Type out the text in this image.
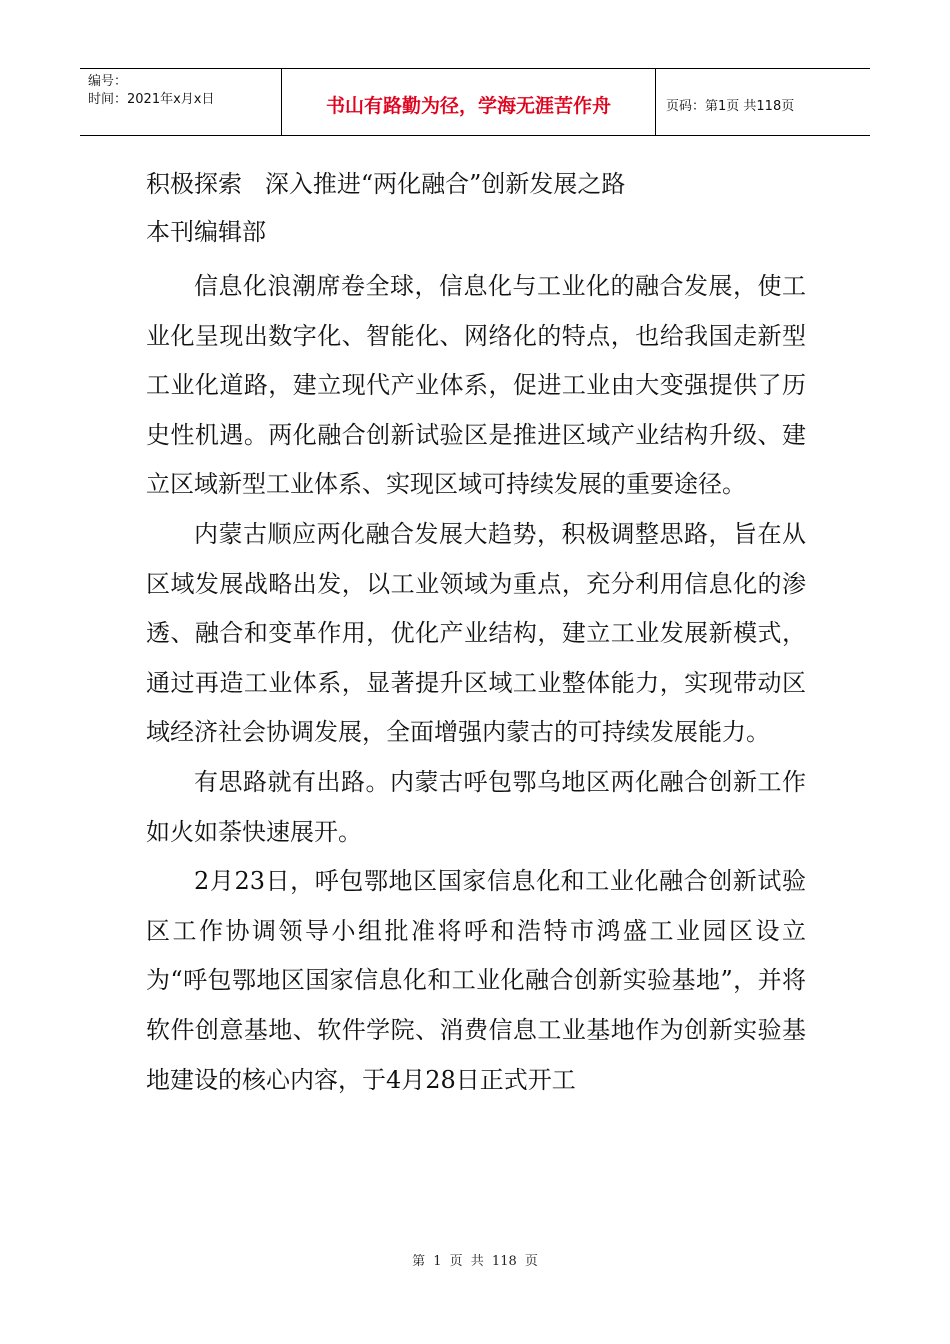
编号：
时间：2021年x月x日	书山有路勤为径，学海无涯苦作舟	页码：第1页 共118页
积极探索   深入推进“两化融合”创新发展之路
本刊编辑部

信息化浪潮席卷全球，信息化与工业化的融合发展，使工业化呈现出数字化、智能化、网络化的特点，也给我国走新型工业化道路，建立现代产业体系，促进工业由大变强提供了历史性机遇。两化融合创新试验区是推进区域产业结构升级、建立区域新型工业体系、实现区域可持续发展的重要途径。

内蒙古顺应两化融合发展大趋势，积极调整思路，旨在从区域发展战略出发，以工业领域为重点，充分利用信息化的渗透、融合和变革作用，优化产业结构，建立工业发展新模式，通过再造工业体系，显著提升区域工业整体能力，实现带动区域经济社会协调发展，全面增强内蒙古的可持续发展能力。

有思路就有出路。内蒙古呼包鄂乌地区两化融合创新工作如火如荼快速展开。

2月23日，呼包鄂地区国家信息化和工业化融合创新试验区工作协调领导小组批准将呼和浩特市鸿盛工业园区设立为“呼包鄂地区国家信息化和工业化融合创新实验基地”，并将软件创意基地、软件学院、消费信息工业基地作为创新实验基地建设的核心内容，于4月28日正式开工

第 1 页 共 118 页
